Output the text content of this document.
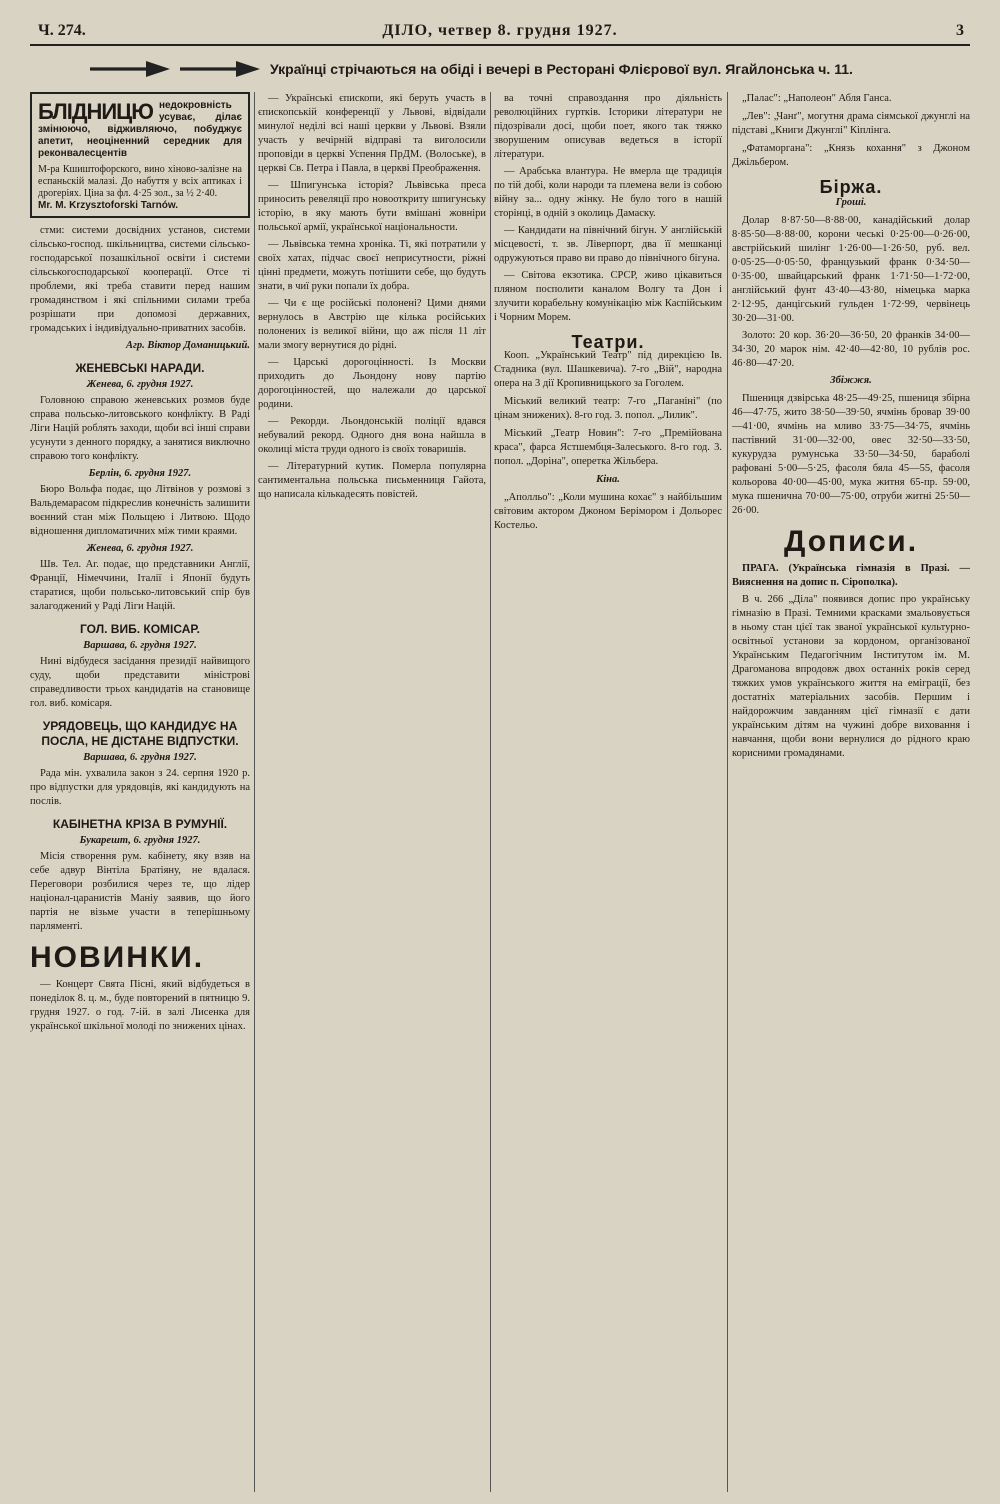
Ч. 274.	ДІЛО, четвер 8. грудня 1927.	3
Українці стрічаються на обіді і вечері в Ресторані Флієрової вул. Ягайлонська ч. 11.
БЛІДНИЦЮ недокровність усуває, ділає змінюючо, відживляючо, побуджує апетит, неоціненний середник для реконвалесцентів
М-ра Кшиштофорского, вино хіново-залізне на еспаньскій малазі. До набуття у всіх аптиках і дрогеріях. Ціна за фл. 4·25 зол., за ½ 2·40.
Mr. M. Krzysztoforski Tarnów.

стми: системи досвідних установ, системи сільсько-господ. шкільництва, системи сільсько-господарської позашкільної освіти і системи сільськогосподарської кооперації. Отсе ті проблеми, які треба ставити перед нашим громадянством і які спільними силами треба розрішати при допомозі державних, громадських і індивідуально-приватних засобів.

Агр. Віктор Доманицький.
ЖЕНЕВСЬКІ НАРАДИ.
Женева, 6. грудня 1927.

Головною справою женевських розмов буде справа польсько-литовського конфлікту. В Раді Ліги Націй роблять заходи, щоби всі інші справи усунути з денного порядку, а занятися виключно справою того конфлікту.

Берлін, 6. грудня 1927.

Бюро Вольфа подає, що Літвінов у розмові з Вальдемарасом підкреслив конечність залишити воєнний стан між Польщею і Литвою. Щодо відношення дипломатичних між тими краями.

Женева, 6. грудня 1927.

Шв. Тел. Аг. подає, що представники Англії, Франції, Німеччини, Італії і Японії будуть старатися, щоби польсько-литовський спір був залагоджений у Раді Ліги Націй.

ГОЛ. ВИБ. КОМІСАР.
Варшава, 6. грудня 1927.

Нині відбудеся засідання президії найвищого суду, щоби представити міністрові справедливости трьох кандидатів на становище гол. виб. комісаря.

УРЯДОВЕЦЬ, ЩО КАНДИДУЄ НА ПОСЛА, НЕ ДІСТАНЕ ВІДПУСТКИ.
Варшава, 6. грудня 1927.

Рада мін. ухвалила закон з 24. серпня 1920 р. про відпустки для урядовців, які кандидують на послів.

КАБІНЕТНА КРІЗА В РУМУНІЇ.
Букарешт, 6. грудня 1927.

Місія створення рум. кабінету, яку взяв на себе адвур Вінтіла Братіяну, не вдалася. Переговори розбилися через те, що лідер націонал-царанистів Маніу заявив, що його партія не візьме участи в теперішньому парляменті.

НОВИНКИ.

— Концерт Свята Пісні, який відбудеться в понеділок 8. ц. м., буде повторений в пятницю 9. грудня 1927. о год. 7-ій. в залі Лисенка для української шкільної молоді по знижених цінах.

— Українські єпископи, які беруть участь в єпископській конференції у Львові, відвідали минулої неділі всі наші церкви у Львові. Взяли участь у вечірній відправі та виголосили проповіди в церкві Успення ПрДМ. (Волоське), в церкві Св. Петра і Павла, в церкві Преображення.

— Шпигунська історія? Львівська преса приносить ревеляції про новооткриту шпигунську історію, в яку мають бути вмішані жовніри польської армії, української національности.

— Львівська темна хроніка. Ті, які потратили у своїх хатах, підчас своєї неприсутности, ріжні цінні предмети, можуть потішити себе, що будуть знати, в чиї руки попали їх добра.

— Чи є ще російські полонені? Цими днями вернулось в Австрію ще кілька російських полонених із великої війни, що аж після 11 літ мали змогу вернутися до рідні.

— Царські дорогоцінності. Із Москви приходить до Льондону нову партію дорогоцінностей, що належали до царської родини.

— Рекорди. Льондонській поліції вдався небувалий рекорд. Одного дня вона найшла в околиці міста труди одного із своїх товаришів.

— Літературний кутик. Померла популярна сантиментальна польська письменниця Гайота, що написала кількадесять повістей.

ва точні справоздання про діяльність революційних гуртків. Історики літератури не підозрівали досі, щоби поет, якого так тяжко зворушеним описував ведеться в історії літератури.

— Арабська влантура. Не вмерла ще традиція по тій добі, коли народи та племена вели із собою війну за... одну жінку. Не було того в нашій сторінці, в одній з околиць Дамаску.

— Кандидати на північний бігун. У англійській місцевості, т. зв. Ліверпорт, два її мешканці одружуються право ви право до північного бігуна.

— Світова екзотика. СРСР, живо цікавиться пляном посполити каналом Волгу та Дон і злучити корабельну комунікацію між Каспійським і Чорним Морем.

Театри.

Кооп. „Український Театр" під дирекцією Ів. Стадника (вул. Шашкевича). 7-го „Вій", народна опера на 3 дії Кропивницького за Гоголем.

Міський великий театр: 7-го „Паганіні" (по цінам знижених). 8-го год. 3. попол. „Лилик".

Міський „Театр Новин": 7-го „Премійована краса", фарса Ястшембця-Залеського. 8-го год. 3. попол. „Доріна", оперетка Жільбера.

Кіна.

„Аполльо": „Коли мушина кохає" з найбільшим світовим актором Джоном Берімором і Дольорес Костельо.

„Палас": „Наполеон" Абля Ганса.

„Лев": „Чанґ", могутня драма сіямської джунглі на підставі „Книги Джунглі" Кіплінга.

„Фатаморгана": „Князь кохання" з Джоном Джільбером.

Біржа.
Гроші.

Долар 8·87·50—8·88·00, канадійський долар 8·85·50—8·88·00, корони чеські 0·25·00—0·26·00, австрійський шилінг 1·26·00—1·26·50, руб. вел. 0·05·25—0·05·50, французький франк 0·34·50—0·35·00, швайцарський франк 1·71·50—1·72·00, англійський фунт 43·40—43·80, німецька марка 2·12·95, данцігський гульден 1·72·99, червінець 30·20—31·00.

Золото: 20 кор. 36·20—36·50, 20 франків 34·00—34·30, 20 марок нім. 42·40—42·80, 10 рублів рос. 46·80—47·20.

Збіжжя.

Пшениця дзвірська 48·25—49·25, пшениця збірна 46—47·75, жито 38·50—39·50, ячмінь бровар 39·00—41·00, ячмінь на мливо 33·75—34·75, ячмінь пастівний 31·00—32·00, овес 32·50—33·50, кукурудза румунська 33·50—34·50, бараболі рафовані 5·00—5·25, фасоля бяла 45—55, фасоля кольорова 40·00—45·00, мука житня 65-пр. 59·00, мука пшенична 70·00—75·00, отруби житні 25·50—26·00.

Дописи.

ПРАГА. (Українська гімназія в Празі. — Вияснення на допис п. Сірополка).

В ч. 266 „Діла" появився допис про українську гімназію в Празі. Темними красками змальовується в ньому стан цієї так званої української культурно-освітньої установи за кордоном, організованої Українським Педагогічним Інститутом ім. М. Драгоманова впродовж двох останніх років серед тяжких умов українського життя на еміграції, без достатніх матеріальних засобів. Першим і найдорожчим завданням цієї гімназії є дати українським дітям на чужині добре виховання і навчання, щоби вони вернулися до рідного краю корисними громадянами.
